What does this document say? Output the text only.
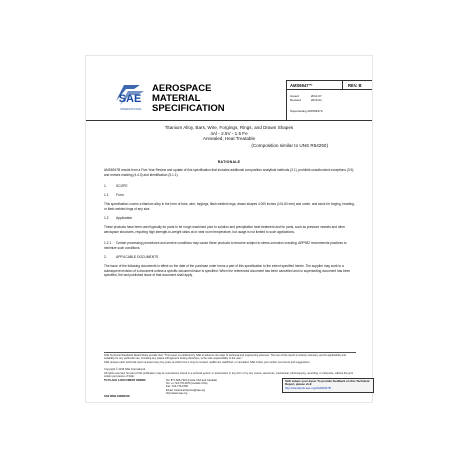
SAE
INTERNATIONAL
AEROSPACE
MATERIAL SPECIFICATION
AMS6947™	REV. B
Issued	2011-07
Revised	2016-01
Superseding AMS6947A
Titanium Alloy, Bars, Wire, Forgings, Rings, and Drawn Shapes
4Al - 2.5V - 1.5 Fe
Annealed, Heat Treatable
(Composition similar to UNS R54250)
RATIONALE
AMS6947B results from a Five-Year Review and update of this specification that includes additional composition analytical methods (3.1), prohibits unauthorized exceptions (3.9), and revises marking (4.4.3) and identification (5.1.1).
1.	SCOPE
1.1 Form
This specification covers a titanium alloy in the form of bars, wire, forgings, flash welded rings, drawn shapes 4.000 inches (101.60 mm) and under, and stock for forging, heading, or flash welded rings of any size.
1.2 Application
These products have been used typically for parts to be rough machined prior to solution and precipitation heat treatment and for parts, such as pressure vessels and other aerospace structures, requiring high strength-to-weight ratios at or near room temperature, but usage is not limited to such applications.
1.2.1 Certain processing procedures and service conditions may cause these products to become subject to stress-corrosion cracking; ARP982 recommends practices to minimize such conditions.
2.	APPLICABLE DOCUMENTS
The issue of the following documents in effect on the date of the purchase order forms a part of this specification to the extent specified herein. The supplier may work to a subsequent revision of a document unless a specific document issue is specified. When the referenced document has been cancelled and no superseding document has been specified, the last published issue of that document shall apply.
SAE Technical Standards Board Rules provide that: "This report is published by SAE to advance the state of technical and engineering sciences. The use of this report is entirely voluntary, and its applicability and suitability for any particular use, including any patent infringement arising therefrom, is the sole responsibility of the user."
SAE reviews each technical report at least every five years at which time it may be revised, reaffirmed, stabilized, or cancelled. SAE invites your written comments and suggestions.
Copyright © 2016 SAE International
All rights reserved. No part of this publication may be reproduced, stored in a retrieval system or transmitted, in any form or by any means, electronic, mechanical, photocopying, recording, or otherwise, without the prior written permission of SAE.
TO PLACE A DOCUMENT ORDER:	Tel: 877-606-7323 (inside USA and Canada)
Tel: +1 724-776-4970 (outside USA)
Fax: 724-776-0790
Email: CustomerService@sae.org
http://www.sae.org
SAE values your input. To provide feedback on this Technical Report, please visit
http://standards.sae.org/AMS6947B
SAE WEB ADDRESS:
